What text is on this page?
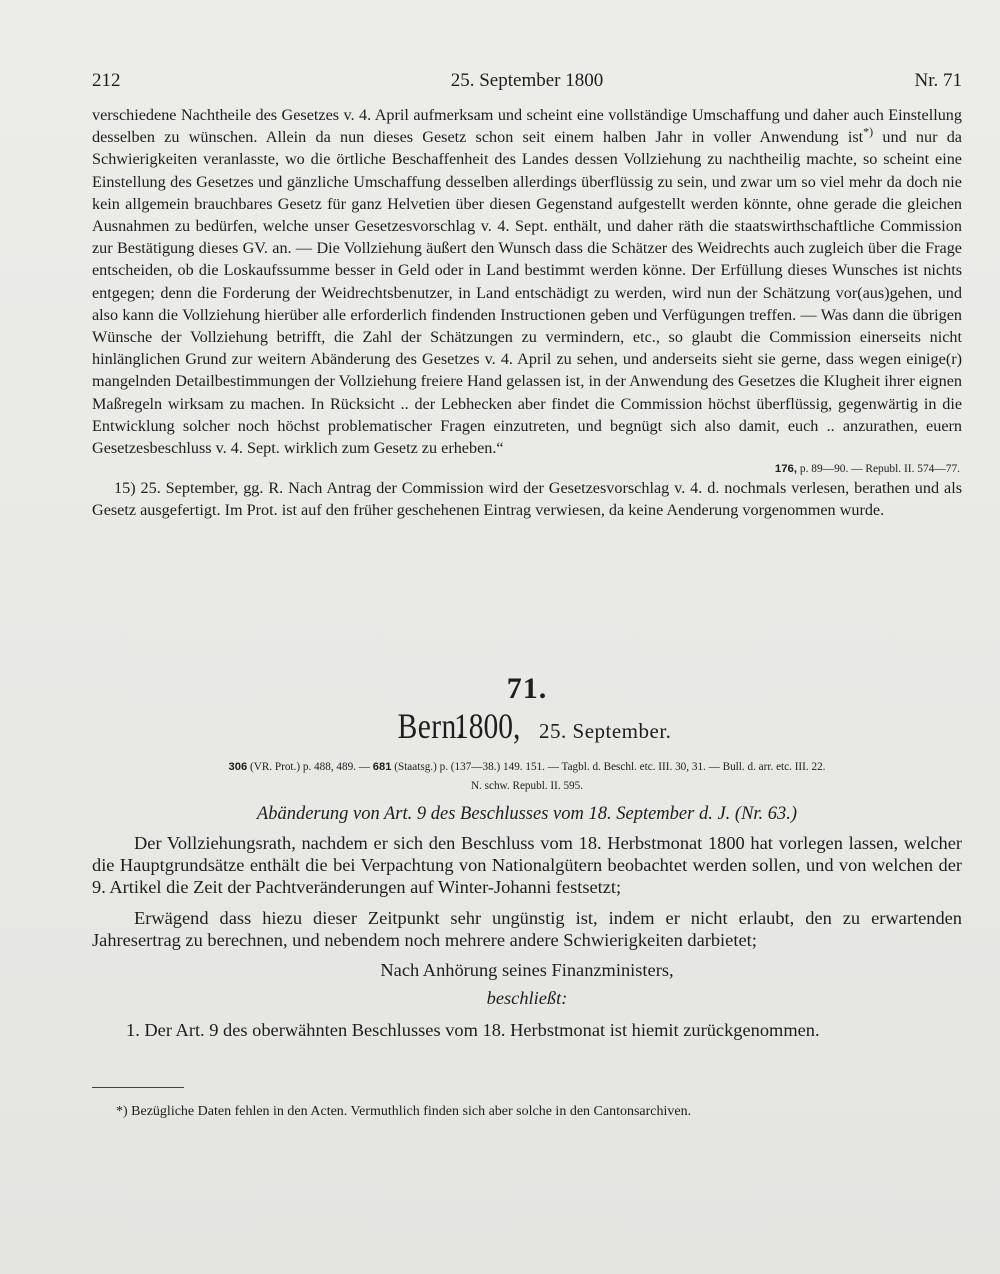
212	25. September 1800	Nr. 71

verschiedene Nachtheile des Gesetzes v. 4. April aufmerksam und scheint eine vollständige Umschaffung und daher auch Einstellung desselben zu wünschen. Allein da nun dieses Gesetz schon seit einem halben Jahr in voller Anwendung ist*) und nur da Schwierigkeiten veranlasste, wo die örtliche Beschaffenheit des Landes dessen Vollziehung zu nachtheilig machte, so scheint eine Einstellung des Gesetzes und gänzliche Umschaffung desselben allerdings überflüssig zu sein, und zwar um so viel mehr da doch nie kein allgemein brauchbares Gesetz für ganz Helvetien über diesen Gegenstand aufgestellt werden könnte, ohne gerade die gleichen Ausnahmen zu bedürfen, welche unser Gesetzesvorschlag v. 4. Sept. enthält, und daher räth die staatswirthschaftliche Commission zur Bestätigung dieses GV. an. — Die Vollziehung äußert den Wunsch dass die Schätzer des Weidrechts auch zugleich über die Frage entscheiden, ob die Loskaufssumme besser in Geld oder in Land bestimmt werden könne. Der Erfüllung dieses Wunsches ist nichts entgegen; denn die Forderung der Weidrechtsbenutzer, in Land entschädigt zu werden, wird nun der Schätzung vor(aus)gehen, und also kann die Vollziehung hierüber alle erforderlich findenden Instructionen geben und Verfügungen treffen. — Was dann die übrigen Wünsche der Vollziehung betrifft, die Zahl der Schätzungen zu vermindern, etc., so glaubt die Commission einerseits nicht hinlänglichen Grund zur weitern Abänderung des Gesetzes v. 4. April zu sehen, und anderseits sieht sie gerne, dass wegen einige(r) mangelnden Detailbestimmungen der Vollziehung freiere Hand gelassen ist, in der Anwendung des Gesetzes die Klugheit ihrer eignen Maßregeln wirksam zu machen. In Rücksicht .. der Lebhecken aber findet die Commission höchst überflüssig, gegenwärtig in die Entwicklung solcher noch höchst problematischer Fragen einzutreten, und begnügt sich also damit, euch .. anzurathen, euern Gesetzesbeschluss v. 4. Sept. wirklich zum Gesetz zu erheben.“

176, p. 89—90. — Republ. II. 574—77.

15) 25. September, gg. R. Nach Antrag der Commission wird der Gesetzesvorschlag v. 4. d. nochmals verlesen, berathen und als Gesetz ausgefertigt. Im Prot. ist auf den früher geschehenen Eintrag verwiesen, da keine Aenderung vorgenommen wurde.

71.

Bern. 1800, 25. September.

306 (VR. Prot.) p. 488, 489. — 681 (Staatsg.) p. (137—38.) 149. 151. — Tagbl. d. Beschl. etc. III. 30, 31. — Bull. d. arr. etc. III. 22.
N. schw. Republ. II. 595.

Abänderung von Art. 9 des Beschlusses vom 18. September d. J. (Nr. 63.)

Der Vollziehungsrath, nachdem er sich den Beschluss vom 18. Herbstmonat 1800 hat vorlegen lassen, welcher die Hauptgrundsätze enthält die bei Verpachtung von Nationalgütern beobachtet werden sollen, und von welchen der 9. Artikel die Zeit der Pachtveränderungen auf Winter-Johanni festsetzt;

Erwägend dass hiezu dieser Zeitpunkt sehr ungünstig ist, indem er nicht erlaubt, den zu erwartenden Jahresertrag zu berechnen, und nebendem noch mehrere andere Schwierigkeiten darbietet;

Nach Anhörung seines Finanzministers,

beschließt:

1. Der Art. 9 des oberwähnten Beschlusses vom 18. Herbstmonat ist hiemit zurückgenommen.

*) Bezügliche Daten fehlen in den Acten. Vermuthlich finden sich aber solche in den Cantonsarchiven.
